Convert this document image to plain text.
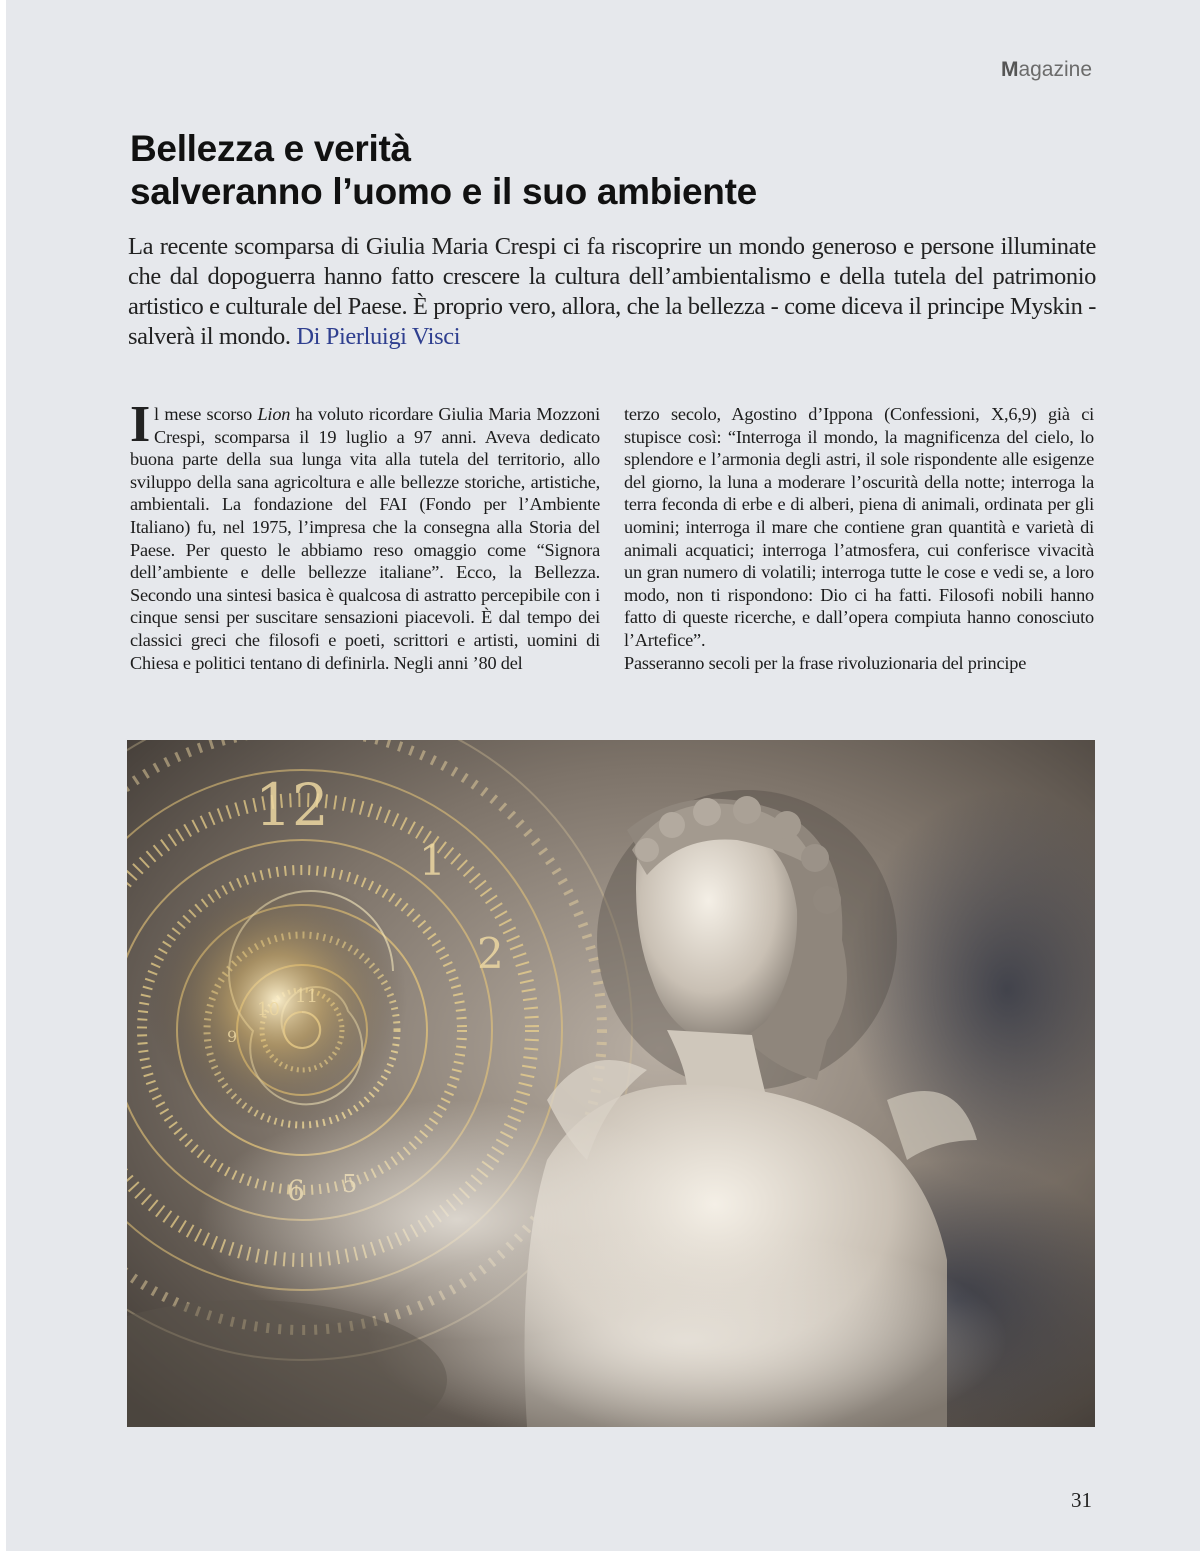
Magazine
Bellezza e verità
salveranno l’uomo e il suo ambiente

La recente scomparsa di Giulia Maria Crespi ci fa riscoprire un mondo generoso e persone illuminate che dal dopoguerra hanno fatto crescere la cultura dell’ambientalismo e della tutela del patrimonio artistico e culturale del Paese. È proprio vero, allora, che la bellezza - come diceva il principe Myskin - salverà il mondo. Di Pierluigi Visci

Il mese scorso Lion ha voluto ricordare Giulia Maria Mozzoni Crespi, scomparsa il 19 luglio a 97 anni. Aveva dedicato buona parte della sua lunga vita alla tutela del territorio, allo sviluppo della sana agricoltura e alle bellezze storiche, artistiche, ambientali. La fondazione del FAI (Fondo per l’Ambiente Italiano) fu, nel 1975, l’impresa che la consegna alla Storia del Paese. Per questo le abbiamo reso omaggio come “Signora dell’ambiente e delle bellezze italiane”. Ecco, la Bellezza. Secondo una sintesi basica è qualcosa di astratto percepibile con i cinque sensi per suscitare sensazioni piacevoli. È dal tempo dei classici greci che filosofi e poeti, scrittori e artisti, uomini di Chiesa e politici tentano di definirla. Negli anni ’80 del

terzo secolo, Agostino d’Ippona (Confessioni, X,6,9) già ci stupisce così: “Interroga il mondo, la magnificenza del cielo, lo splendore e l’armonia degli astri, il sole rispondente alle esigenze del giorno, la luna a moderare l’oscurità della notte; interroga la terra feconda di erbe e di alberi, piena di animali, ordinata per gli uomini; interroga il mare che contiene gran quantità e varietà di animali acquatici; interroga l’atmosfera, cui conferisce vivacità un gran numero di volatili; interroga tutte le cose e vedi se, a loro modo, non ti rispondono: Dio ci ha fatti. Filosofi nobili hanno fatto di queste ricerche, e dall’opera compiuta hanno conosciuto l’Artefice”.

Passeranno secoli per la frase rivoluzionaria del principe

12
1
2
11
10
9
31
